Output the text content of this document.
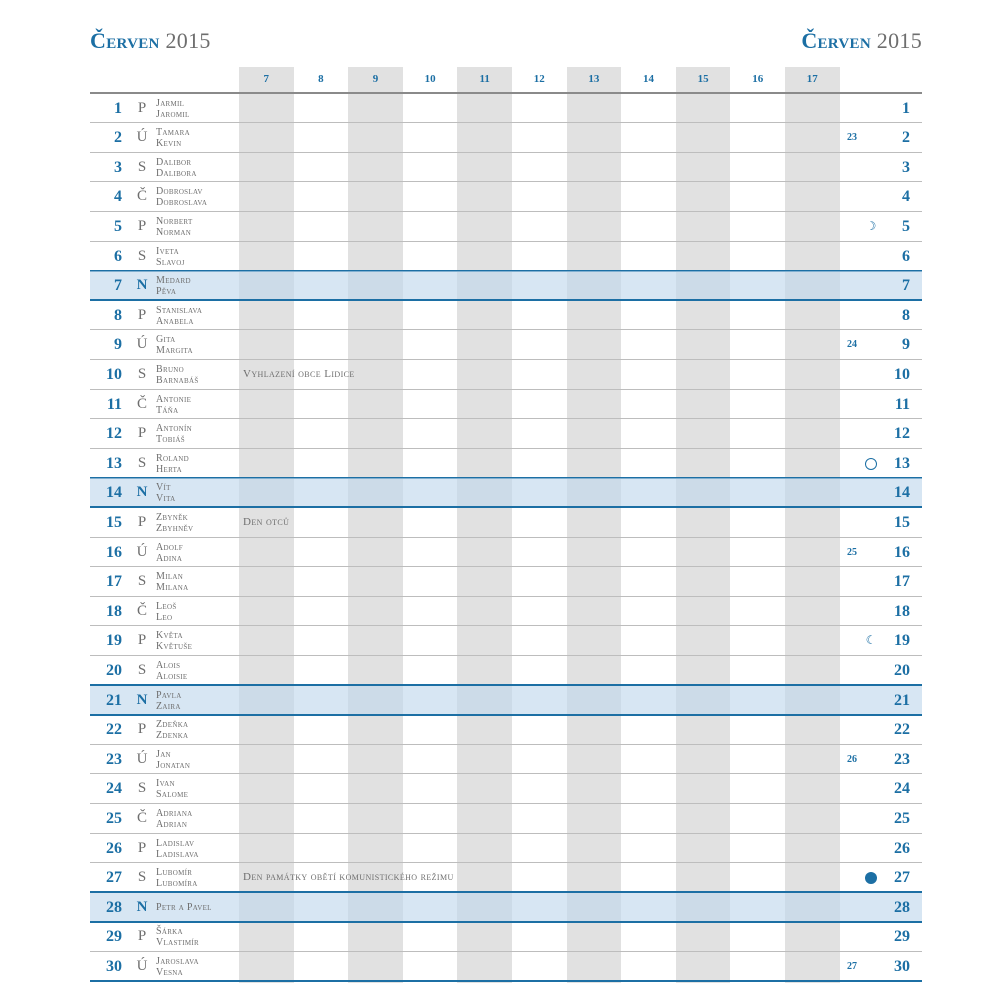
Červen 2015	Červen 2015
7	8	9	10	11	12	13	14	15	16	17
1 P Jarmil
Jaromil	1
2 Ú Tamara
Kevin
23	2
3 S Dalibor
Dalibora	3
4 Č Dobroslav
Dobroslava	4
5 P Norbert
Norman	☽ 5
6 S Iveta
Slavoj	6
7 N Medard
Pěva	7
8 P Stanislava
Anabela	8
9 Ú Gita
Margita
24	9
10 S Bruno
Barnabáš
Vyhlazení obce Lidice	10
11 Č Antonie
Táňa	11
12 P Antonín
Tobiáš	12
13 S Roland
Herta	13
14 N Vít
Vita	14
15 P Zbyněk
Zbyhněv
Den otců	15
16 Ú Adolf
Adina
25 16
17 S Milan
Milana	17
18 Č Leoš
Leo	18
19 P Květa
Květuše	☾ 19
20 S Alois
Aloisie	20
21 N Pavla
Zaira	21
22 P Zdeňka
Zdenka	22
23 Ú Jan
Jonatan
26 23
24 S Ivan
Salome	24
25 Č Adriana
Adrian	25
26 P Ladislav
Ladislava	26
27 S Lubomír
Lubomíra
Den památky obětí komunistického režimu	27
28 N Petr a Pavel	28
29 P Šárka
Vlastimír	29
30 Ú Jaroslava
Vesna
27 30
